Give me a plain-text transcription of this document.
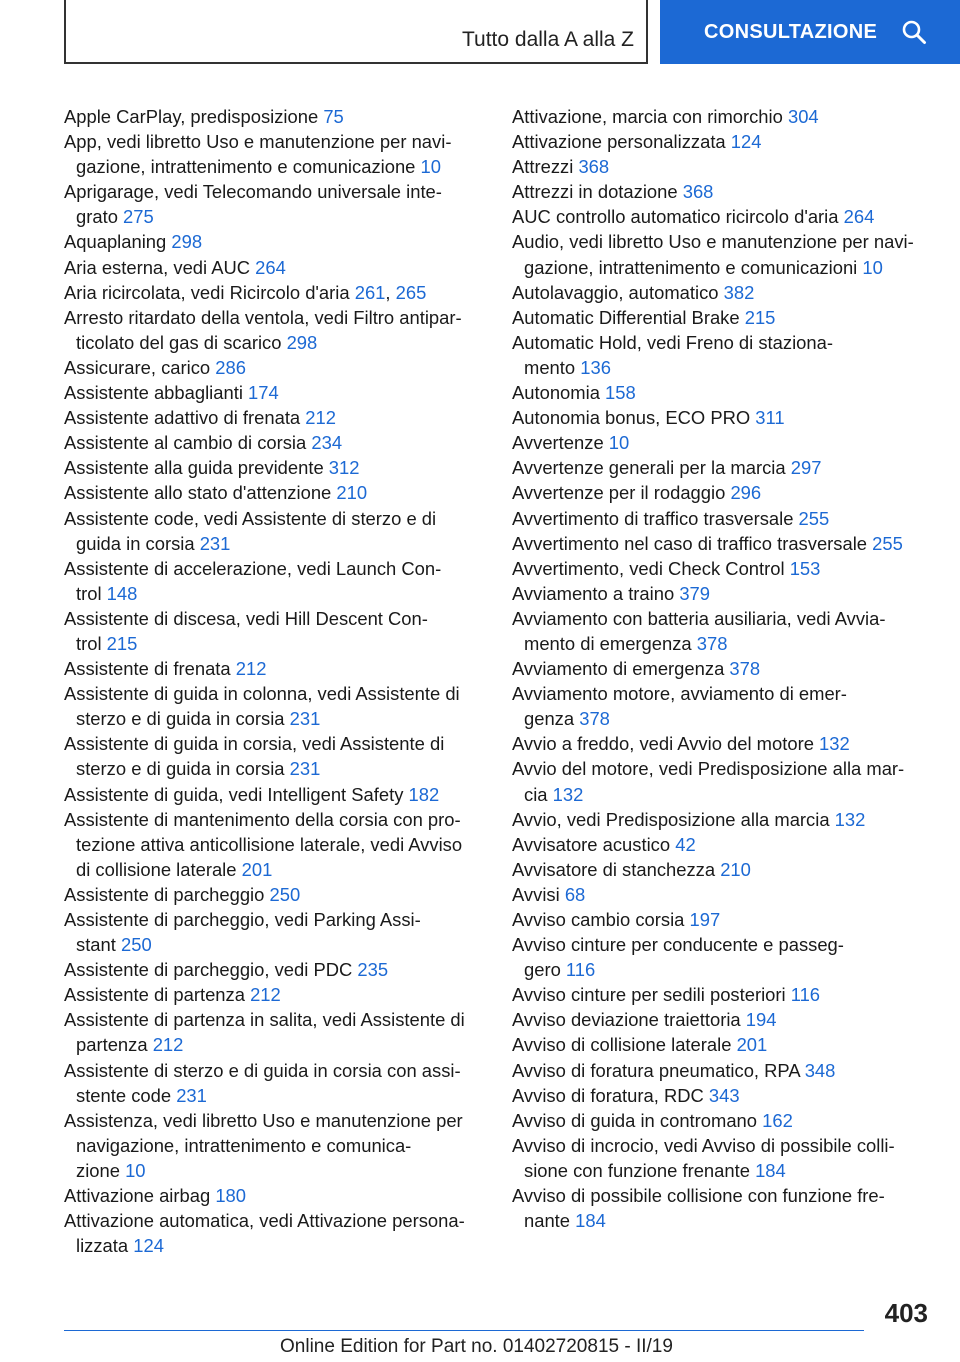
Tutto dalla A alla Z	CONSULTAZIONE

Apple CarPlay, predisposizione 75

App, vedi libretto Uso e manutenzione per navi-
gazione, intrattenimento e comunicazione 10

Aprigarage, vedi Telecomando universale inte-
grato 275

Aquaplaning 298

Aria esterna, vedi AUC 264

Aria ricircolata, vedi Ricircolo d'aria 261, 265

Arresto ritardato della ventola, vedi Filtro antipar-
ticolato del gas di scarico 298

Assicurare, carico 286

Assistente abbaglianti 174

Assistente adattivo di frenata 212

Assistente al cambio di corsia 234

Assistente alla guida previdente 312

Assistente allo stato d'attenzione 210

Assistente code, vedi Assistente di sterzo e di
guida in corsia 231

Assistente di accelerazione, vedi Launch Con-
trol 148

Assistente di discesa, vedi Hill Descent Con-
trol 215

Assistente di frenata 212

Assistente di guida in colonna, vedi Assistente di
sterzo e di guida in corsia 231

Assistente di guida in corsia, vedi Assistente di
sterzo e di guida in corsia 231

Assistente di guida, vedi Intelligent Safety 182

Assistente di mantenimento della corsia con pro-
tezione attiva anticollisione laterale, vedi Avviso
di collisione laterale 201

Assistente di parcheggio 250

Assistente di parcheggio, vedi Parking Assi-
stant 250

Assistente di parcheggio, vedi PDC 235

Assistente di partenza 212

Assistente di partenza in salita, vedi Assistente di
partenza 212

Assistente di sterzo e di guida in corsia con assi-
stente code 231

Assistenza, vedi libretto Uso e manutenzione per
navigazione, intrattenimento e comunica-
zione 10

Attivazione airbag 180

Attivazione automatica, vedi Attivazione persona-
lizzata 124

Attivazione, marcia con rimorchio 304

Attivazione personalizzata 124

Attrezzi 368

Attrezzi in dotazione 368

AUC controllo automatico ricircolo d'aria 264

Audio, vedi libretto Uso e manutenzione per navi-
gazione, intrattenimento e comunicazioni 10

Autolavaggio, automatico 382

Automatic Differential Brake 215

Automatic Hold, vedi Freno di staziona-
mento 136

Autonomia 158

Autonomia bonus, ECO PRO 311

Avvertenze 10

Avvertenze generali per la marcia 297

Avvertenze per il rodaggio 296

Avvertimento di traffico trasversale 255

Avvertimento nel caso di traffico trasversale 255

Avvertimento, vedi Check Control 153

Avviamento a traino 379

Avviamento con batteria ausiliaria, vedi Avvia-
mento di emergenza 378

Avviamento di emergenza 378

Avviamento motore, avviamento di emer-
genza 378

Avvio a freddo, vedi Avvio del motore 132

Avvio del motore, vedi Predisposizione alla mar-
cia 132

Avvio, vedi Predisposizione alla marcia 132

Avvisatore acustico 42

Avvisatore di stanchezza 210

Avvisi 68

Avviso cambio corsia 197

Avviso cinture per conducente e passeg-
gero 116

Avviso cinture per sedili posteriori 116

Avviso deviazione traiettoria 194

Avviso di collisione laterale 201

Avviso di foratura pneumatico, RPA 348

Avviso di foratura, RDC 343

Avviso di guida in contromano 162

Avviso di incrocio, vedi Avviso di possibile colli-
sione con funzione frenante 184

Avviso di possibile collisione con funzione fre-
nante 184

403
Online Edition for Part no. 01402720815 - II/19
